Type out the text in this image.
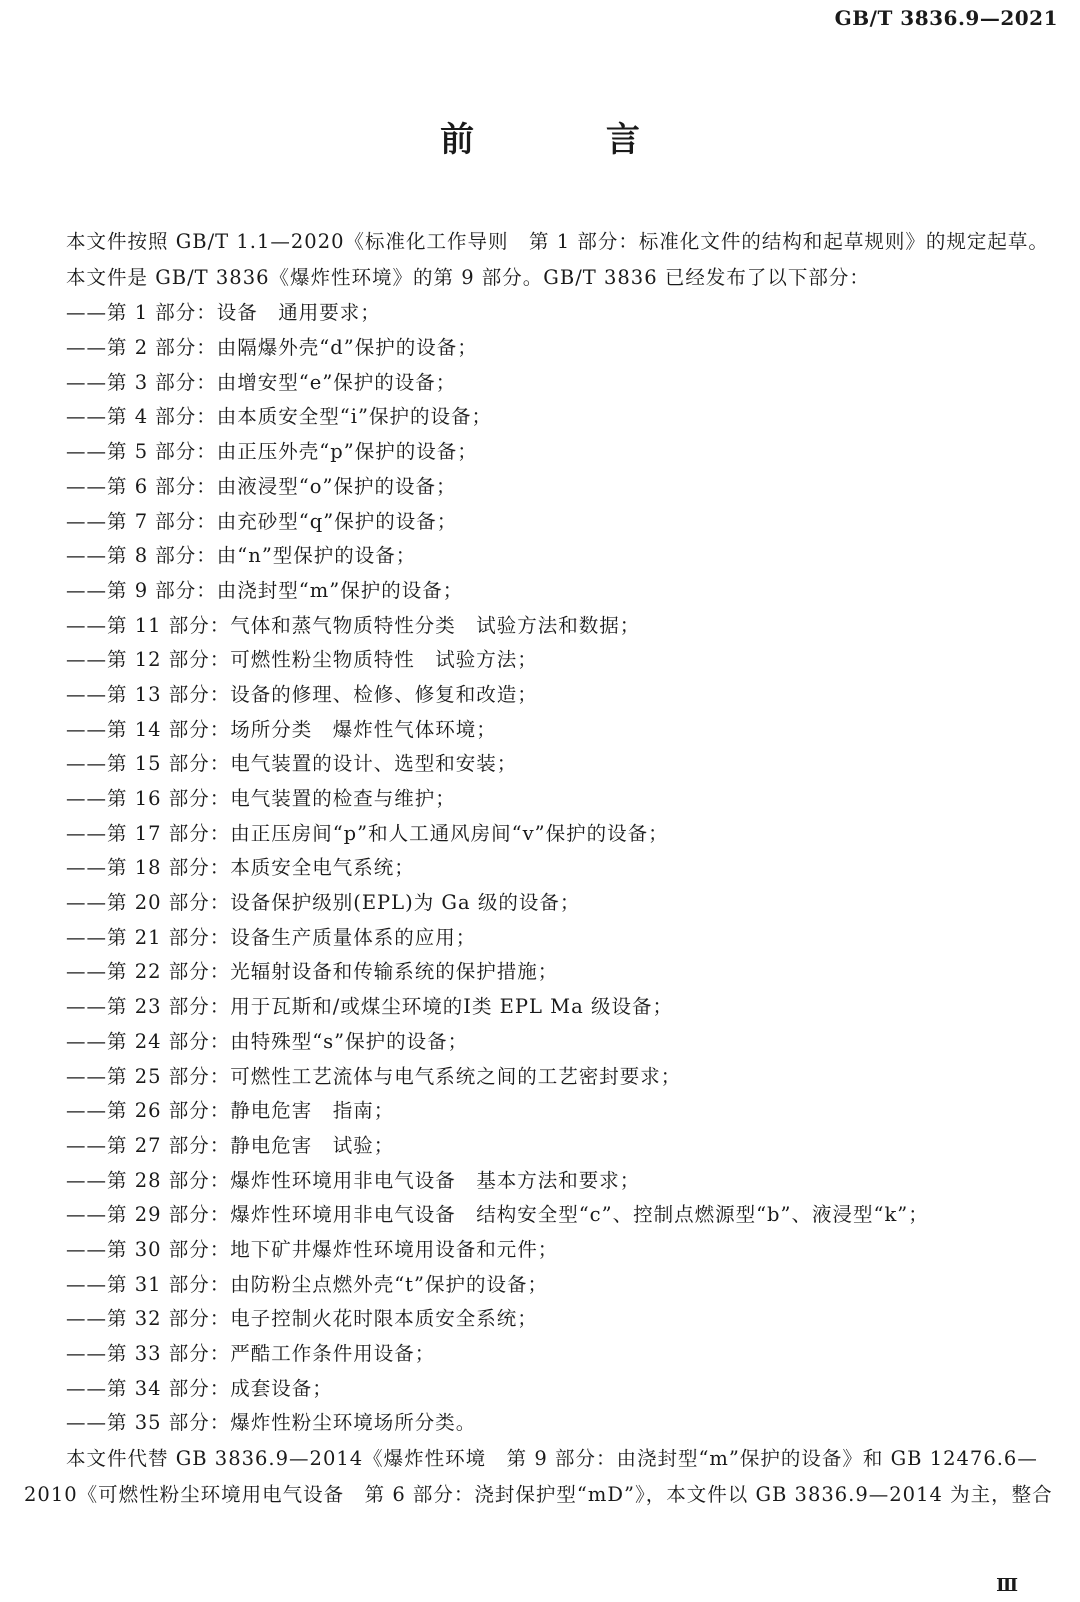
GB/T 3836.9—2021
前 言

本文件按照 GB/T 1.1—2020《标准化工作导则　第 1 部分：标准化文件的结构和起草规则》的规定起草。

本文件是 GB/T 3836《爆炸性环境》的第 9 部分。GB/T 3836 已经发布了以下部分：

——第 1 部分：设备　通用要求；
——第 2 部分：由隔爆外壳“d”保护的设备；
——第 3 部分：由增安型“e”保护的设备；
——第 4 部分：由本质安全型“i”保护的设备；
——第 5 部分：由正压外壳“p”保护的设备；
——第 6 部分：由液浸型“o”保护的设备；
——第 7 部分：由充砂型“q”保护的设备；
——第 8 部分：由“n”型保护的设备；
——第 9 部分：由浇封型“m”保护的设备；
——第 11 部分：气体和蒸气物质特性分类　试验方法和数据；
——第 12 部分：可燃性粉尘物质特性　试验方法；
——第 13 部分：设备的修理、检修、修复和改造；
——第 14 部分：场所分类　爆炸性气体环境；
——第 15 部分：电气装置的设计、选型和安装；
——第 16 部分：电气装置的检查与维护；
——第 17 部分：由正压房间“p”和人工通风房间“v”保护的设备；
——第 18 部分：本质安全电气系统；
——第 20 部分：设备保护级别(EPL)为 Ga 级的设备；
——第 21 部分：设备生产质量体系的应用；
——第 22 部分：光辐射设备和传输系统的保护措施；
——第 23 部分：用于瓦斯和/或煤尘环境的Ⅰ类 EPL Ma 级设备；
——第 24 部分：由特殊型“s”保护的设备；
——第 25 部分：可燃性工艺流体与电气系统之间的工艺密封要求；
——第 26 部分：静电危害　指南；
——第 27 部分：静电危害　试验；
——第 28 部分：爆炸性环境用非电气设备　基本方法和要求；
——第 29 部分：爆炸性环境用非电气设备　结构安全型“c”、控制点燃源型“b”、液浸型“k”；
——第 30 部分：地下矿井爆炸性环境用设备和元件；
——第 31 部分：由防粉尘点燃外壳“t”保护的设备；
——第 32 部分：电子控制火花时限本质安全系统；
——第 33 部分：严酷工作条件用设备；
——第 34 部分：成套设备；
——第 35 部分：爆炸性粉尘环境场所分类。

本文件代替 GB 3836.9—2014《爆炸性环境　第 9 部分：由浇封型“m”保护的设备》和 GB 12476.6—2010《可燃性粉尘环境用电气设备　第 6 部分：浇封保护型“mD”》，本文件以 GB 3836.9—2014 为主，整合

Ⅲ
